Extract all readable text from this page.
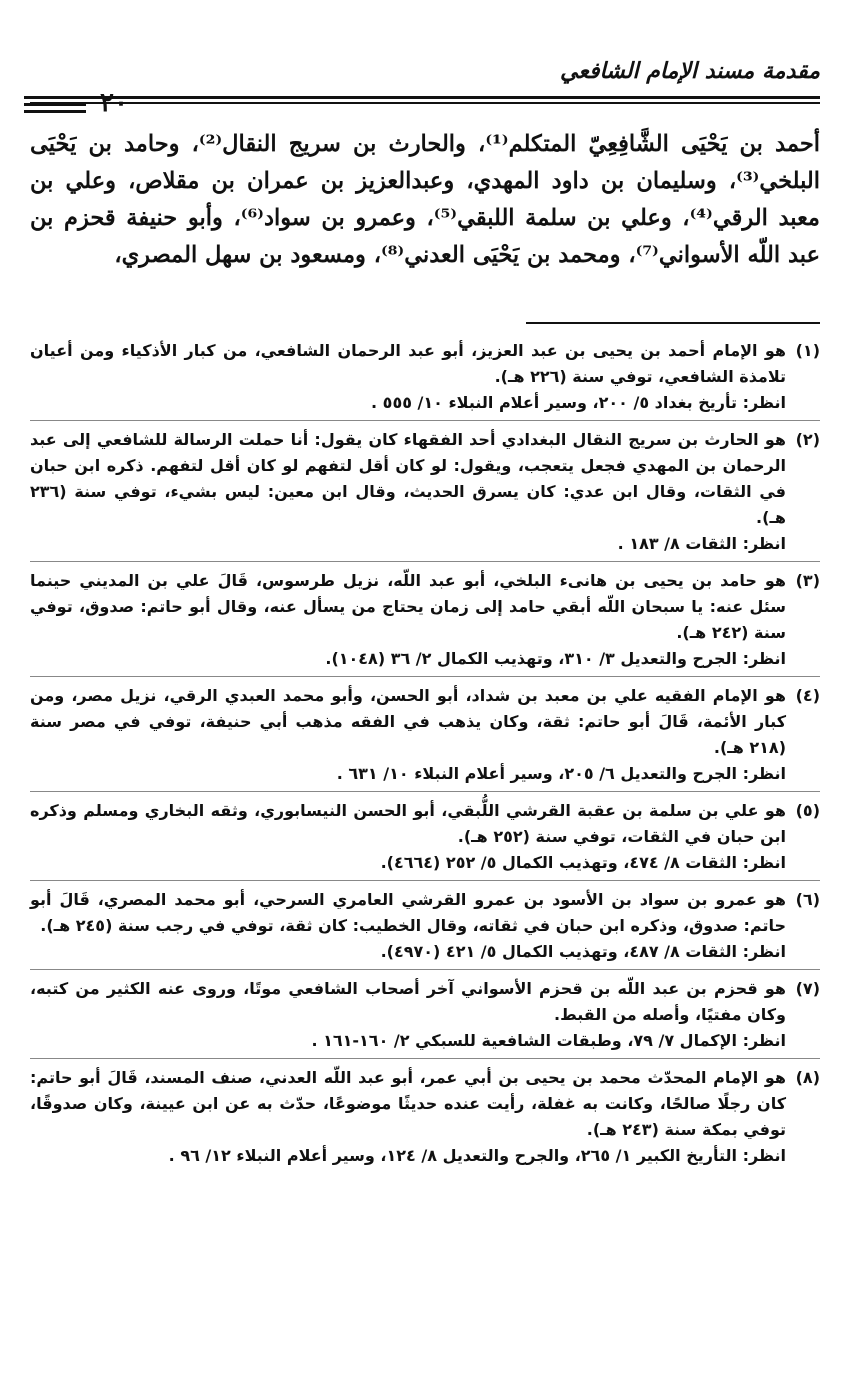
مقدمة مسند الإمام الشافعي
٢٠
أحمد بن يَحْيَى الشَّافِعِيّ المتكلم⁽¹⁾، والحارث بن سريج النقال⁽²⁾، وحامد بن يَحْيَى البلخي⁽³⁾، وسليمان بن داود المهدي، وعبدالعزيز بن عمران بن مقلاص، وعلي بن معبد الرقي⁽⁴⁾، وعلي بن سلمة اللبقي⁽⁵⁾، وعمرو بن سواد⁽⁶⁾، وأبو حنيفة قحزم بن عبد اللّه الأسواني⁽⁷⁾، ومحمد بن يَحْيَى العدني⁽⁸⁾، ومسعود بن سهل المصري،
(١)
هو الإمام أحمد بن يحيى بن عبد العزيز، أبو عبد الرحمان الشافعي، من كبار الأذكياء ومن أعيان تلامذة الشافعي، توفي سنة (٢٢٦ هـ).
انظر: تأريخ بغداد ٥/ ٢٠٠، وسير أعلام النبلاء ١٠/ ٥٥٥ .
(٢)
هو الحارث بن سريج النقال البغدادي أحد الفقهاء كان يقول: أنا حملت الرسالة للشافعي إلى عبد الرحمان بن المهدي فجعل يتعجب، ويقول: لو كان أقل لتفهم لو كان أقل لتفهم. ذكره ابن حبان في الثقات، وقال ابن عدي: كان يسرق الحديث، وقال ابن معين: ليس بشيء، توفي سنة (٢٣٦ هـ).
انظر: الثقات ٨/ ١٨٣ .
(٣)
هو حامد بن يحيى بن هانىء البلخي، أبو عبد اللّه، نزيل طرسوس، قَالَ علي بن المديني حينما سئل عنه: يا سبحان اللّه أبقي حامد إلى زمان يحتاج من يسأل عنه، وقال أبو حاتم: صدوق، توفي سنة (٢٤٢ هـ).
انظر: الجرح والتعديل ٣/ ٣١٠، وتهذيب الكمال ٢/ ٣٦ (١٠٤٨).
(٤)
هو الإمام الفقيه علي بن معبد بن شداد، أبو الحسن، وأبو محمد العبدي الرقي، نزيل مصر، ومن كبار الأئمة، قَالَ أبو حاتم: ثقة، وكان يذهب في الفقه مذهب أبي حنيفة، توفي في مصر سنة (٢١٨ هـ).
انظر: الجرح والتعديل ٦/ ٢٠٥، وسير أعلام النبلاء ١٠/ ٦٣١ .
(٥)
هو علي بن سلمة بن عقبة القرشي اللُّبقي، أبو الحسن النيسابوري، وثقه البخاري ومسلم وذكره ابن حبان في الثقات، توفي سنة (٢٥٢ هـ).
انظر: الثقات ٨/ ٤٧٤، وتهذيب الكمال ٥/ ٢٥٢ (٤٦٦٤).
(٦)
هو عمرو بن سواد بن الأسود بن عمرو القرشي العامري السرحي، أبو محمد المصري، قَالَ أبو حاتم: صدوق، وذكره ابن حبان في ثقاته، وقال الخطيب: كان ثقة، توفي في رجب سنة (٢٤٥ هـ).
انظر: الثقات ٨/ ٤٨٧، وتهذيب الكمال ٥/ ٤٢١ (٤٩٧٠).
(٧)
هو قحزم بن عبد اللّه بن قحزم الأسواني آخر أصحاب الشافعي موتًا، وروى عنه الكثير من كتبه، وكان مفتيًا، وأصله من القبط.
انظر: الإكمال ٧/ ٧٩، وطبقات الشافعية للسبكي ٢/ ١٦٠-١٦١ .
(٨)
هو الإمام المحدّث محمد بن يحيى بن أبي عمر، أبو عبد اللّه العدني، صنف المسند، قَالَ أبو حاتم: كان رجلًا صالحًا، وكانت به غفلة، رأيت عنده حديثًا موضوعًا، حدّث به عن ابن عيينة، وكان صدوقًا، توفي بمكة سنة (٢٤٣ هـ).
انظر: التأريخ الكبير ١/ ٢٦٥، والجرح والتعديل ٨/ ١٢٤، وسير أعلام النبلاء ١٢/ ٩٦ .
